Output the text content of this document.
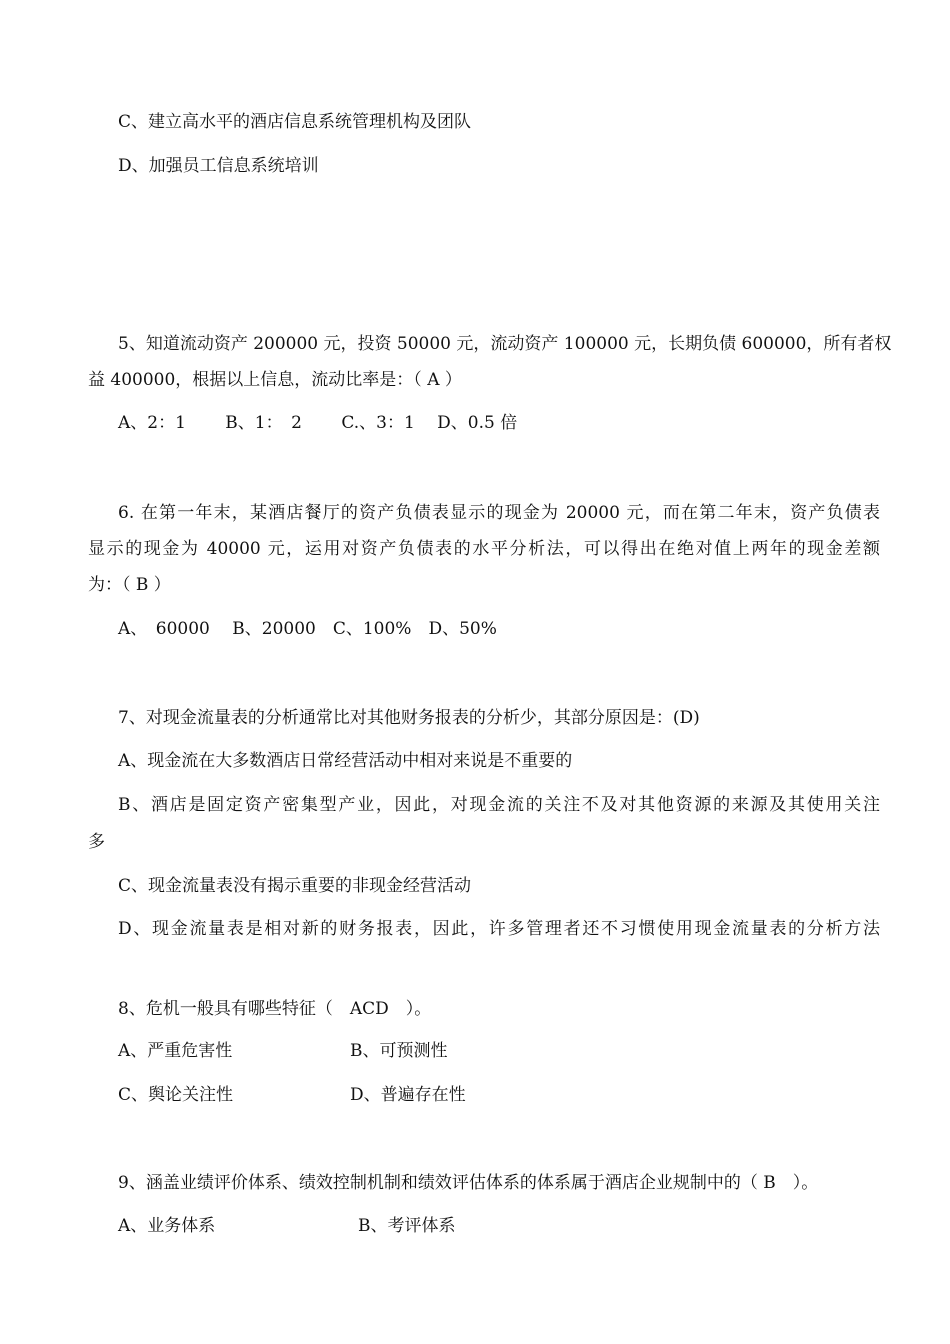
C、建立高水平的酒店信息系统管理机构及团队
D、加强员工信息系统培训
5、知道流动资产 200000 元，投资 50000 元，流动资产 100000 元，长期负债 600000，所有者权
益 400000，根据以上信息，流动比率是：（ A ）
A、2：1　　 B、1：　2　　 C.、3：1　 D、0.5 倍
6. 在第一年末，某酒店餐厅的资产负债表显示的现金为 20000 元，而在第二年末，资产负债表
显示的现金为 40000 元，运用对资产负债表的水平分析法，可以得出在绝对值上两年的现金差额
为：（ B ）
A、　60000　 B、20000　C、100%　D、50%
7、对现金流量表的分析通常比对其他财务报表的分析少，其部分原因是：(D)
A、现金流在大多数酒店日常经营活动中相对来说是不重要的
B、酒店是固定资产密集型产业，因此，对现金流的关注不及对其他资源的来源及其使用关注
多
C、现金流量表没有揭示重要的非现金经营活动
D、现金流量表是相对新的财务报表，因此，许多管理者还不习惯使用现金流量表的分析方法
8、危机一般具有哪些特征（　ACD　）。
A、严重危害性	B、可预测性
C、舆论关注性	D、普遍存在性
9、涵盖业绩评价体系、绩效控制机制和绩效评估体系的体系属于酒店企业规制中的（ B　）。
A、业务体系	B、考评体系
